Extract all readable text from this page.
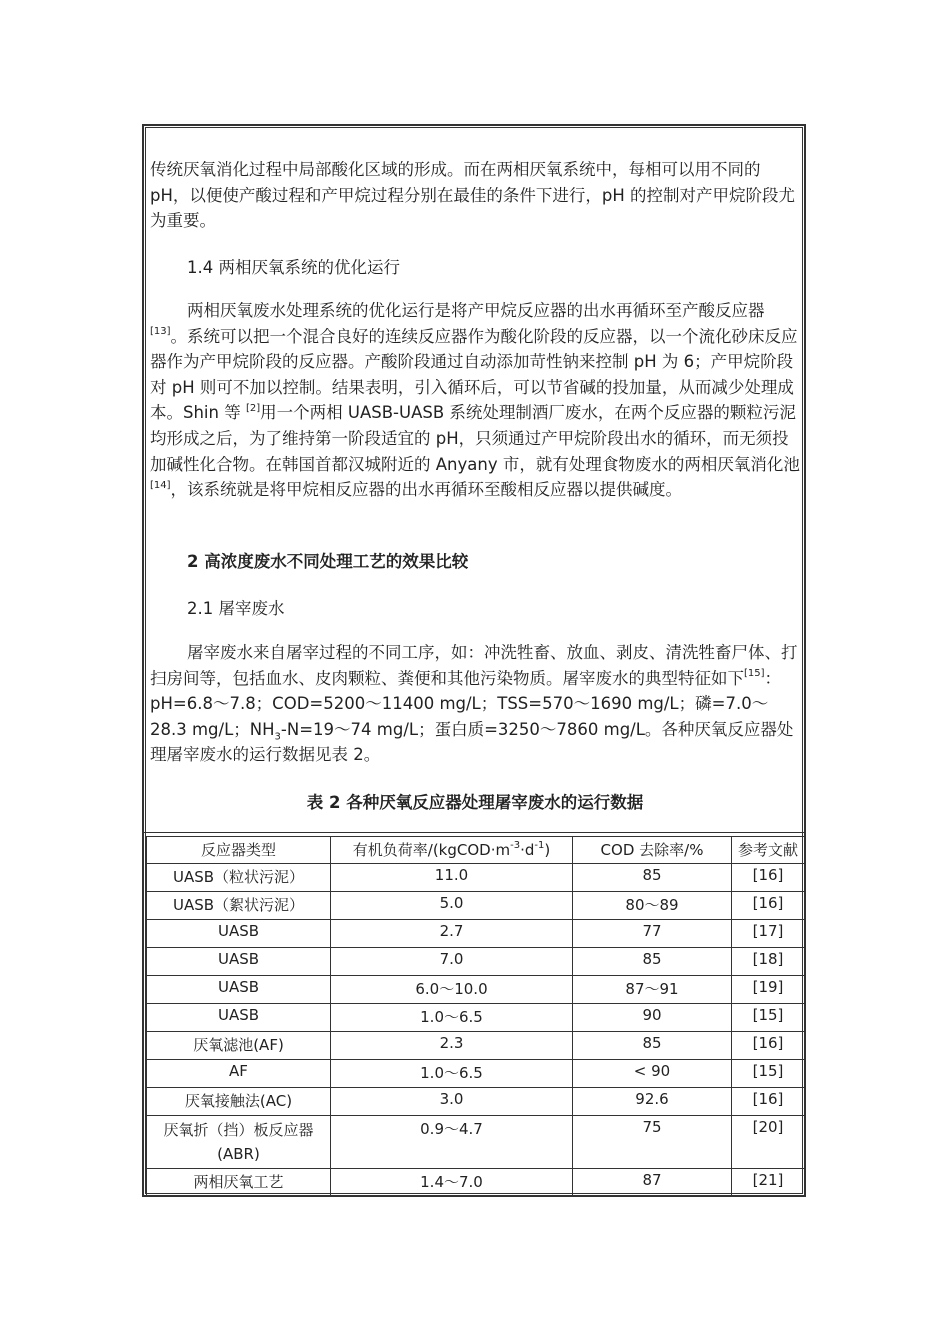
传统厌氧消化过程中局部酸化区域的形成。而在两相厌氧系统中，每相可以用不同的 pH，以便使产酸过程和产甲烷过程分别在最佳的条件下进行，pH 的控制对产甲烷阶段尤为重要。

1.4 两相厌氧系统的优化运行

两相厌氧废水处理系统的优化运行是将产甲烷反应器的出水再循环至产酸反应器[13]。系统可以把一个混合良好的连续反应器作为酸化阶段的反应器，以一个流化砂床反应器作为产甲烷阶段的反应器。产酸阶段通过自动添加苛性钠来控制 pH 为 6；产甲烷阶段对 pH 则可不加以控制。结果表明，引入循环后，可以节省碱的投加量，从而减少处理成本。Shin 等 [2]用一个两相 UASB-UASB 系统处理制酒厂废水，在两个反应器的颗粒污泥均形成之后，为了维持第一阶段适宜的 pH，只须通过产甲烷阶段出水的循环，而无须投加碱性化合物。在韩国首都汉城附近的 Anyany 市，就有处理食物废水的两相厌氧消化池[14]，该系统就是将甲烷相反应器的出水再循环至酸相反应器以提供碱度。

2 高浓度废水不同处理工艺的效果比较
2.1 屠宰废水

屠宰废水来自屠宰过程的不同工序，如：冲洗牲畜、放血、剥皮、清洗牲畜尸体、打扫房间等，包括血水、皮肉颗粒、粪便和其他污染物质。屠宰废水的典型特征如下[15]：pH=6.8～7.8；COD=5200～11400 mg/L；TSS=570～1690 mg/L；磷=7.0～28.3 mg/L；$NH_3-N=19\sim 74$ mg/L；蛋白质=3250～7860 mg/L。各种厌氧反应器处理屠宰废水的运行数据见表 2。

表 2 各种厌氧反应器处理屠宰废水的运行数据
反应器类型	有机负荷率$/(kgCOD\cdot m^{-3}\cdot d^{-1})$	COD 去除率/%	参考文献
UASB（粒状污泥）	11.0	85	[16]
UASB（絮状污泥）	5.0	80～89	[16]
UASB	2.7	77	[17]
UASB	7.0	85	[18]
UASB	6.0～10.0	87～91	[19]
UASB	1.0～6.5	90	[15]
厌氧滤池(AF)	2.3	85	[16]
AF	1.0～6.5	< 90	[15]
厌氧接触法(AC)	3.0	92.6	[16]
厌氧折（挡）板反应器(ABR)	0.9～4.7	75	[20]
两相厌氧工艺	1.4～7.0	87	[21]
